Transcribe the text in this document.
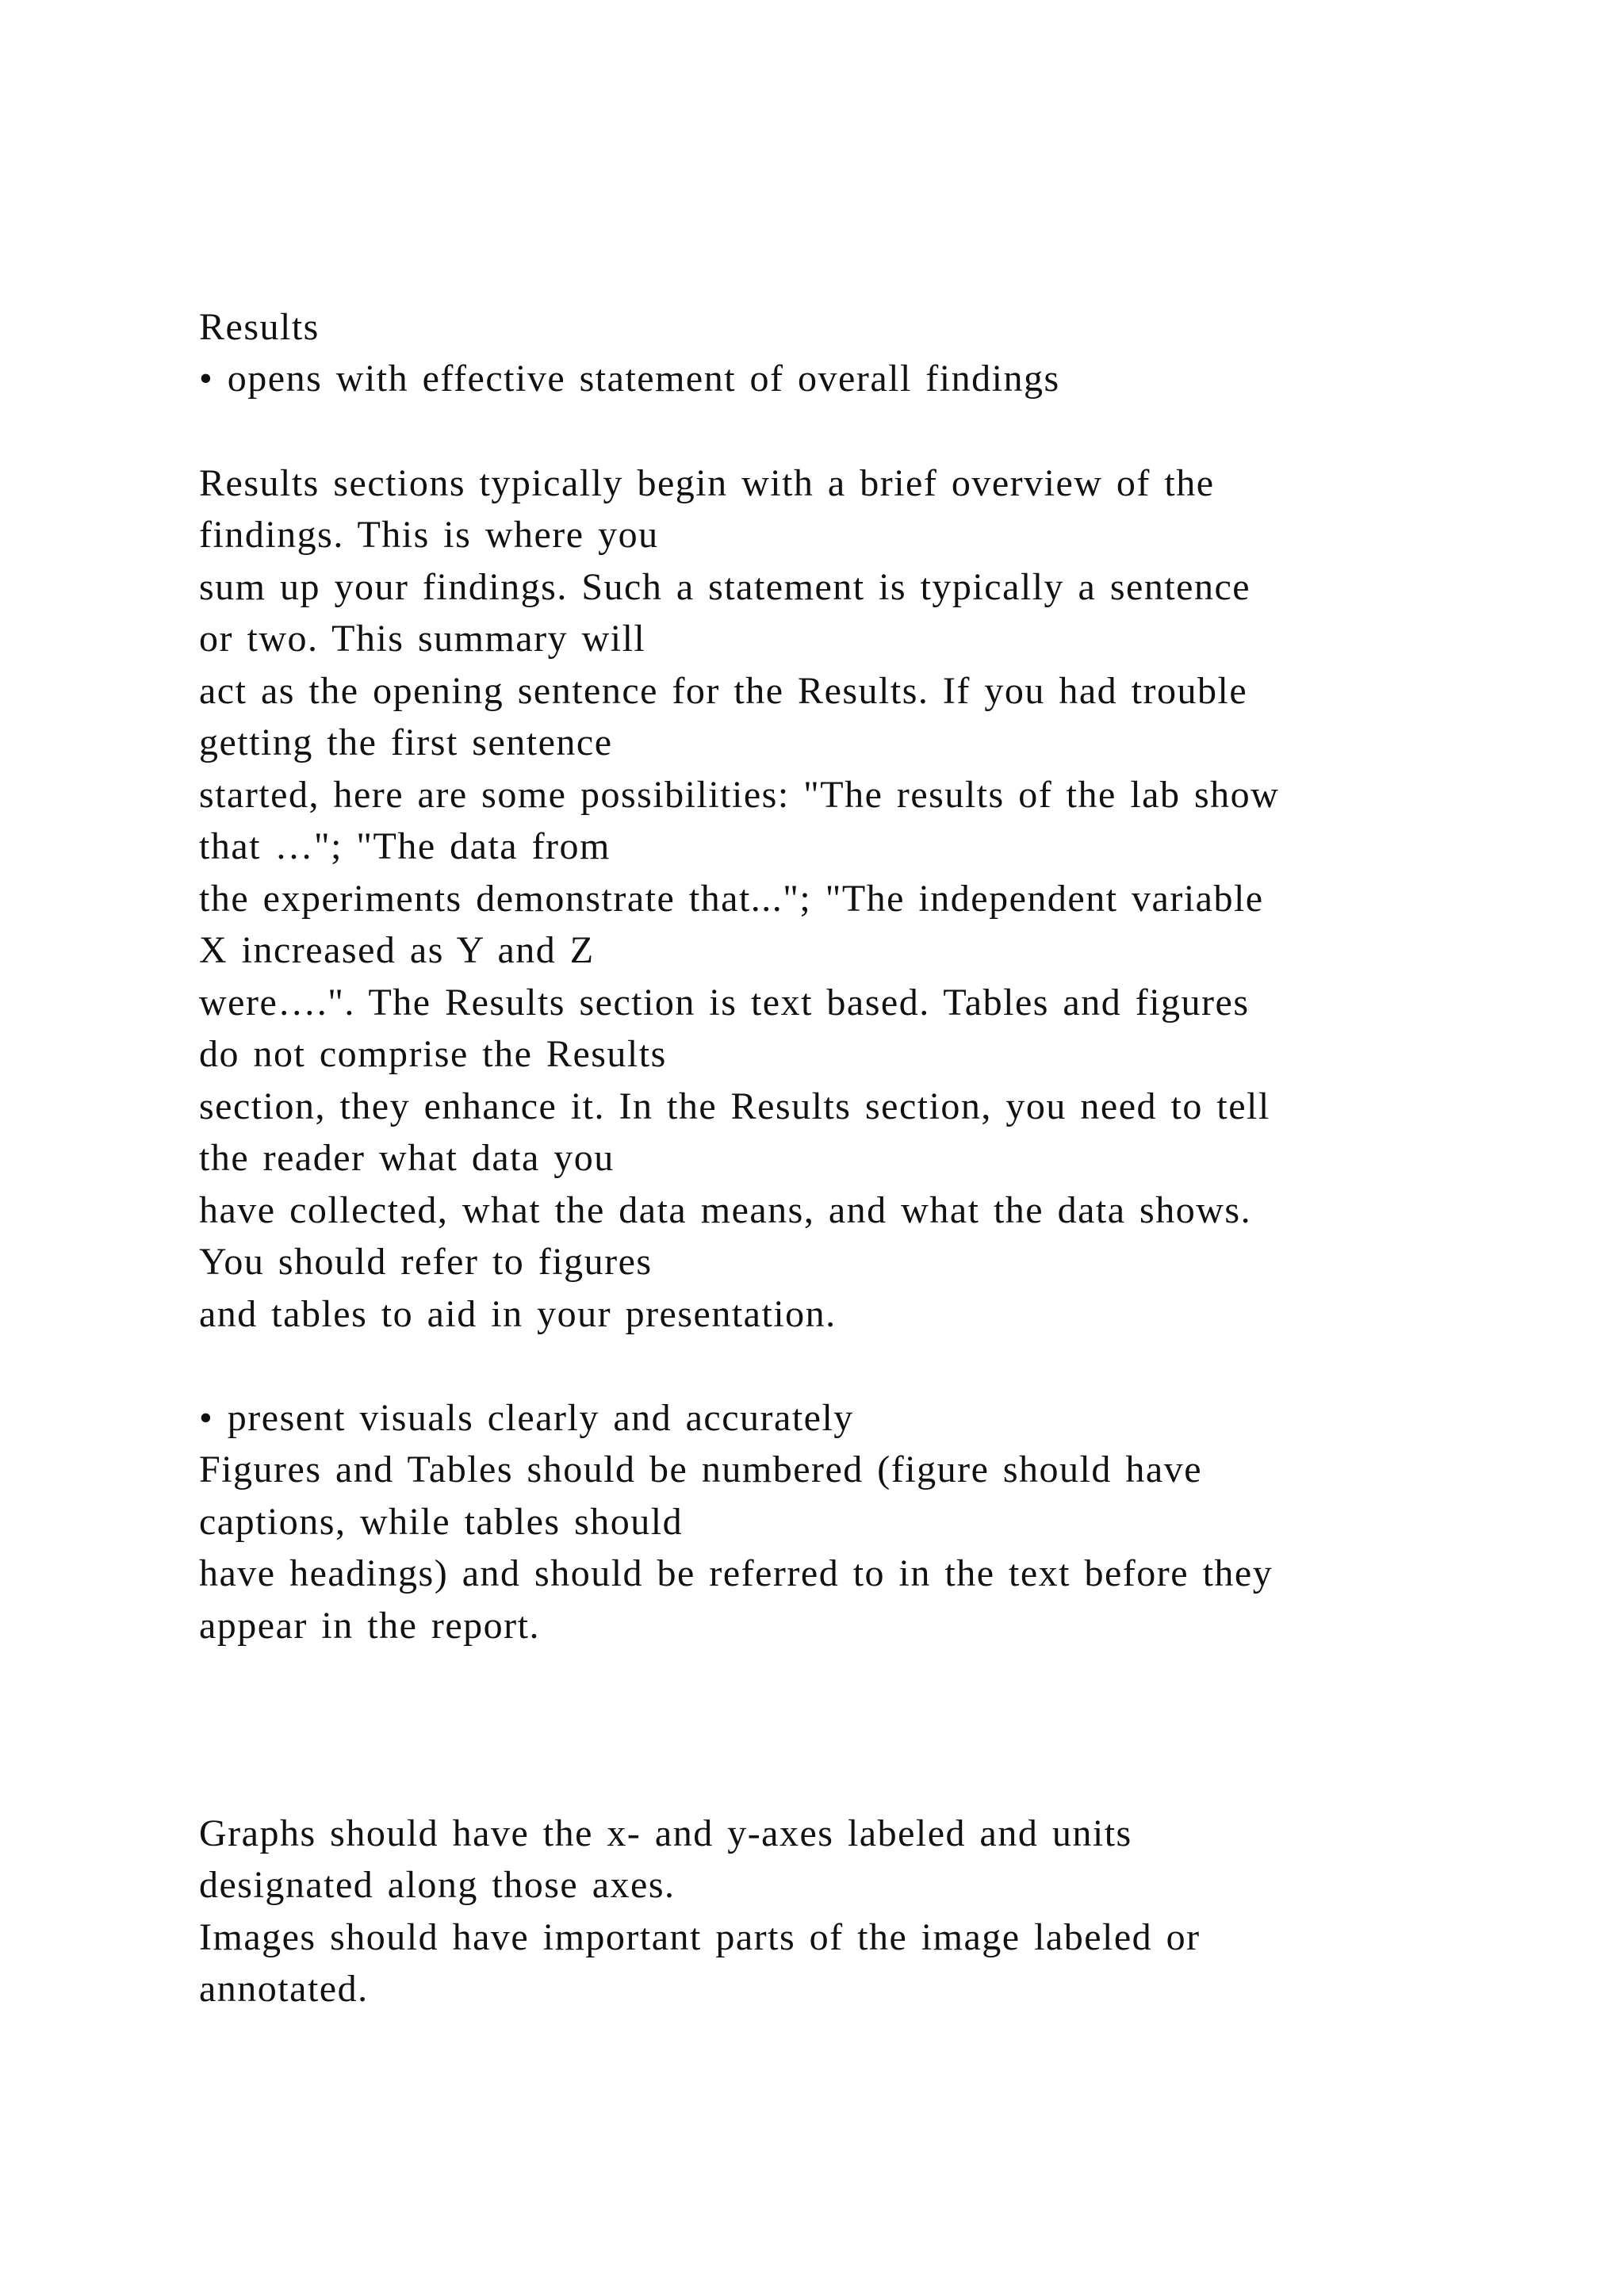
Results
• opens with effective statement of overall findings
Results sections typically begin with a brief overview of the
findings. This is where you
sum up your findings. Such a statement is typically a sentence
or two. This summary will
act as the opening sentence for the Results. If you had trouble
getting the first sentence
started, here are some possibilities: "The results of the lab show
that …"; "The data from
the experiments demonstrate that..."; "The independent variable
X increased as Y and Z
were….". The Results section is text based. Tables and figures
do not comprise the Results
section, they enhance it. In the Results section, you need to tell
the reader what data you
have collected, what the data means, and what the data shows.
You should refer to figures
and tables to aid in your presentation.
• present visuals clearly and accurately
Figures and Tables should be numbered (figure should have
captions, while tables should
have headings) and should be referred to in the text before they
appear in the report.
Graphs should have the x- and y-axes labeled and units
designated along those axes.
Images should have important parts of the image labeled or
annotated.
